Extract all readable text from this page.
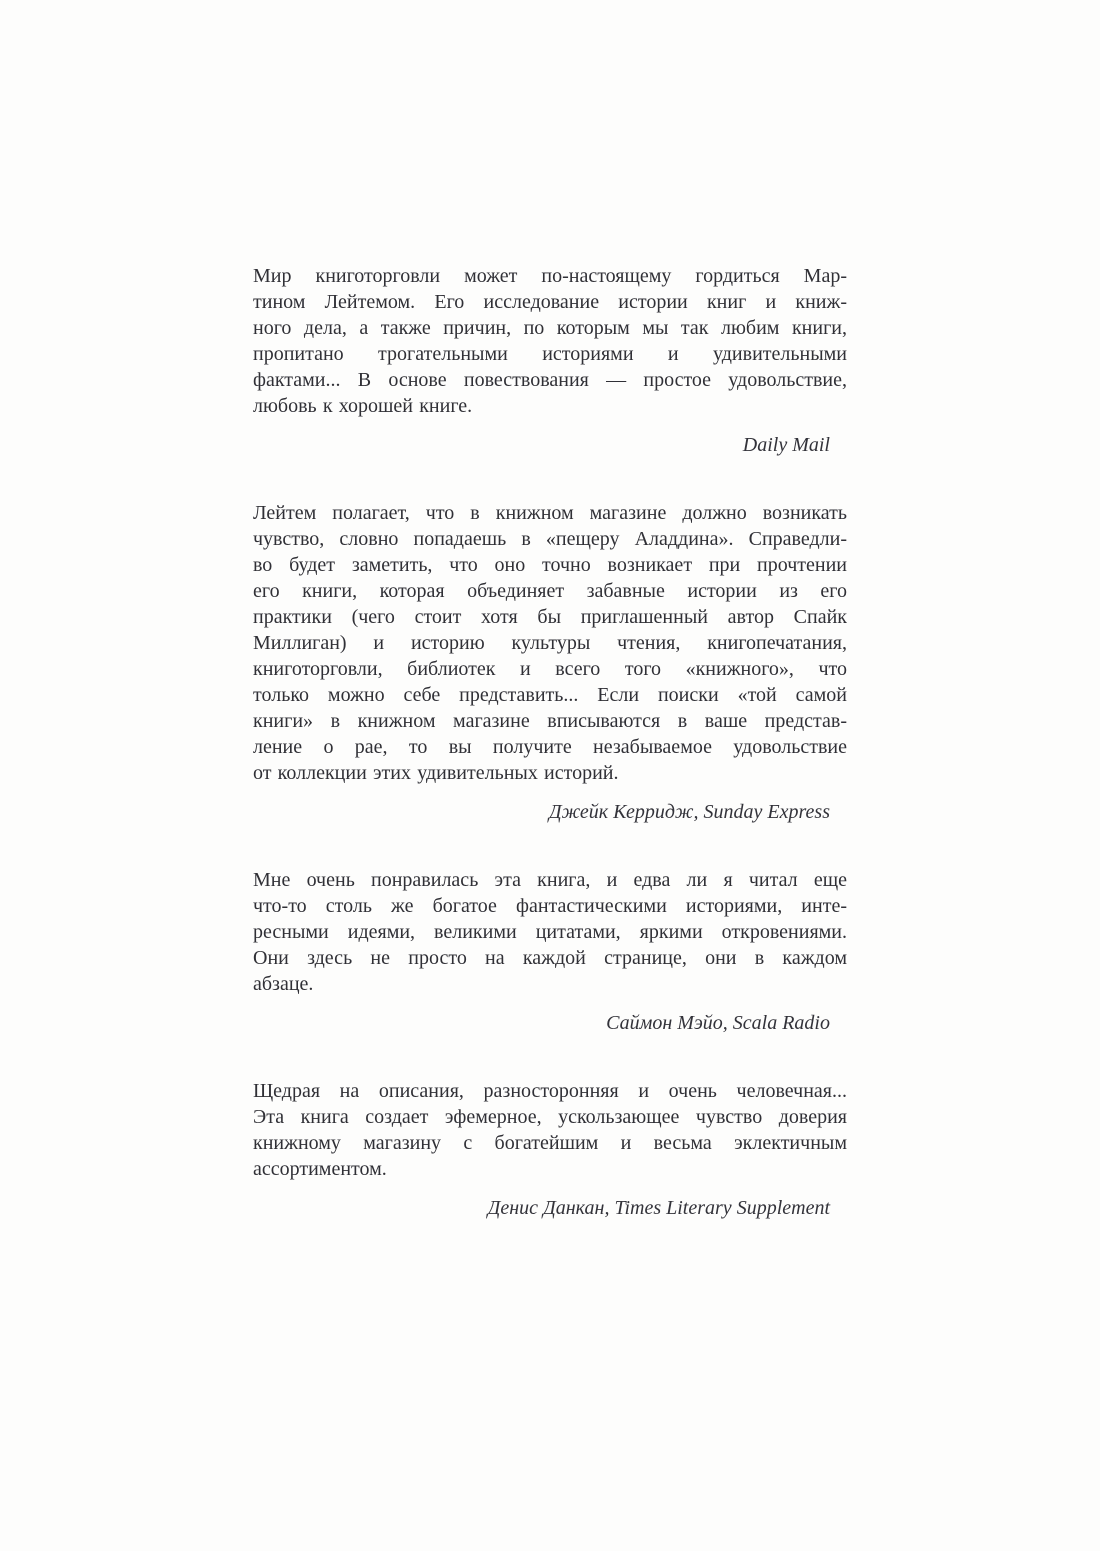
Мир книготорговли может по-настоящему гордиться Мар-
тином Лейтемом. Его исследование истории книг и книж-
ного дела, а также причин, по которым мы так любим книги,
пропитано трогательными историями и удивительными
фактами... В основе повествования — простое удовольствие,
любовь к хорошей книге.
Daily Mail
Лейтем полагает, что в книжном магазине должно возникать
чувство, словно попадаешь в «пещеру Аладдина». Справедли-
во будет заметить, что оно точно возникает при прочтении
его книги, которая объединяет забавные истории из его
практики (чего стоит хотя бы приглашенный автор Спайк
Миллиган) и историю культуры чтения, книгопечатания,
книготорговли, библиотек и всего того «книжного», что
только можно себе представить... Если поиски «той самой
книги» в книжном магазине вписываются в ваше представ-
ление о рае, то вы получите незабываемое удовольствие
от коллекции этих удивительных историй.
Джейк Керридж, Sunday Express
Мне очень понравилась эта книга, и едва ли я читал еще
что-то столь же богатое фантастическими историями, инте-
ресными идеями, великими цитатами, яркими откровениями.
Они здесь не просто на каждой странице, они в каждом
абзаце.
Саймон Мэйо, Scala Radio
Щедрая на описания, разносторонняя и очень человечная...
Эта книга создает эфемерное, ускользающее чувство доверия
книжному магазину с богатейшим и весьма эклектичным
ассортиментом.
Денис Данкан, Times Literary Supplement
